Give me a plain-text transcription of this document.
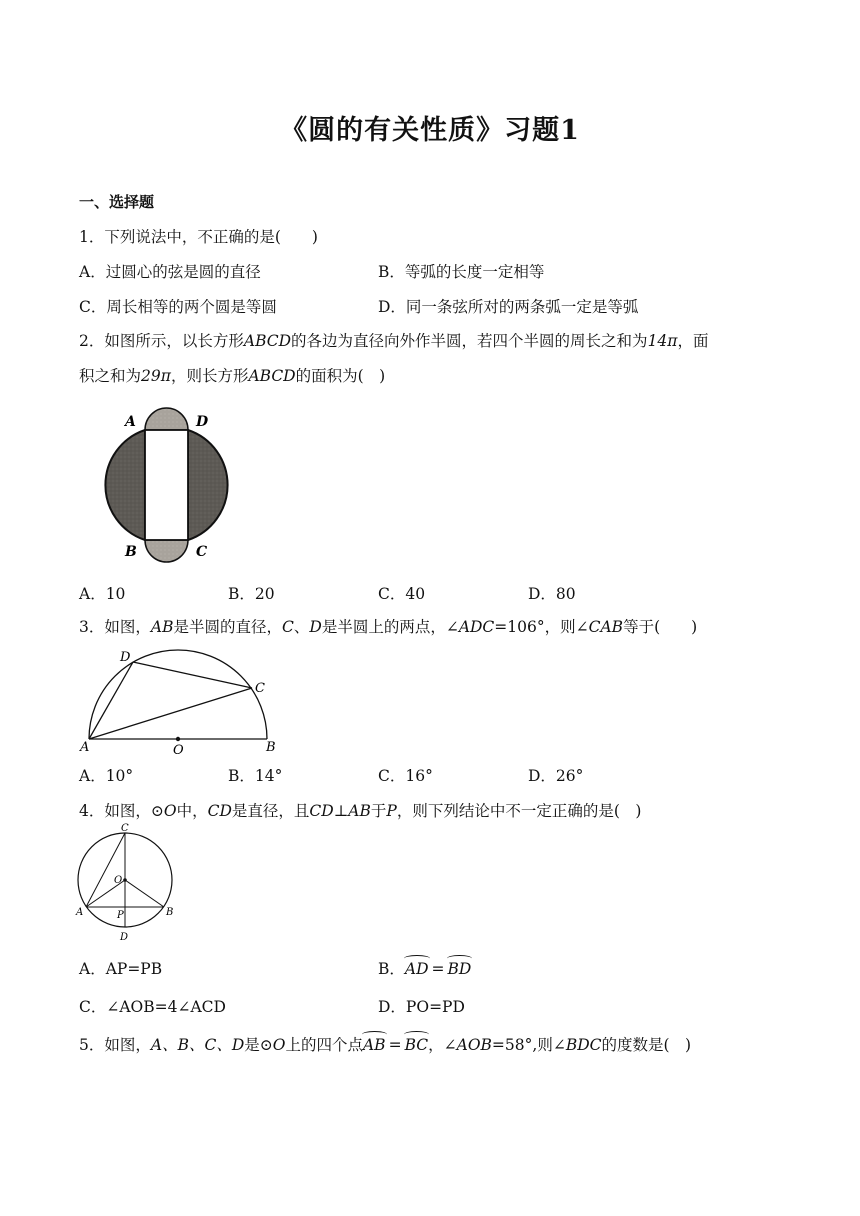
《圆的有关性质》习题1
一、选择题
1．下列说法中，不正确的是(　　)
A．过圆心的弦是圆的直径	B．等弧的长度一定相等
C．周长相等的两个圆是等圆	D．同一条弦所对的两条弧一定是等弧
2．如图所示，以长方形ABCD的各边为直径向外作半圆，若四个半圆的周长之和为14π，面
积之和为29π，则长方形ABCD的面积为(　)
A	D
B	C
A．10	B．20	C．40	D．80
3．如图，AB是半圆的直径，C、D是半圆上的两点，∠ADC=106°，则∠CAB等于(　　)
D
C
A	O	B
A．10°	B．14°	C．16°	D．26°
4．如图，⊙O中，CD是直径，且CD⊥AB于P，则下列结论中不一定正确的是(　)
C
O
A	P	B
D
A．AP=PB	B．AD = BD
C．∠AOB=4∠ACD	D．PO=PD
5．如图，A、B、C、D是⊙O上的四个点AB = BC，∠AOB=58°,则∠BDC的度数是(　)
